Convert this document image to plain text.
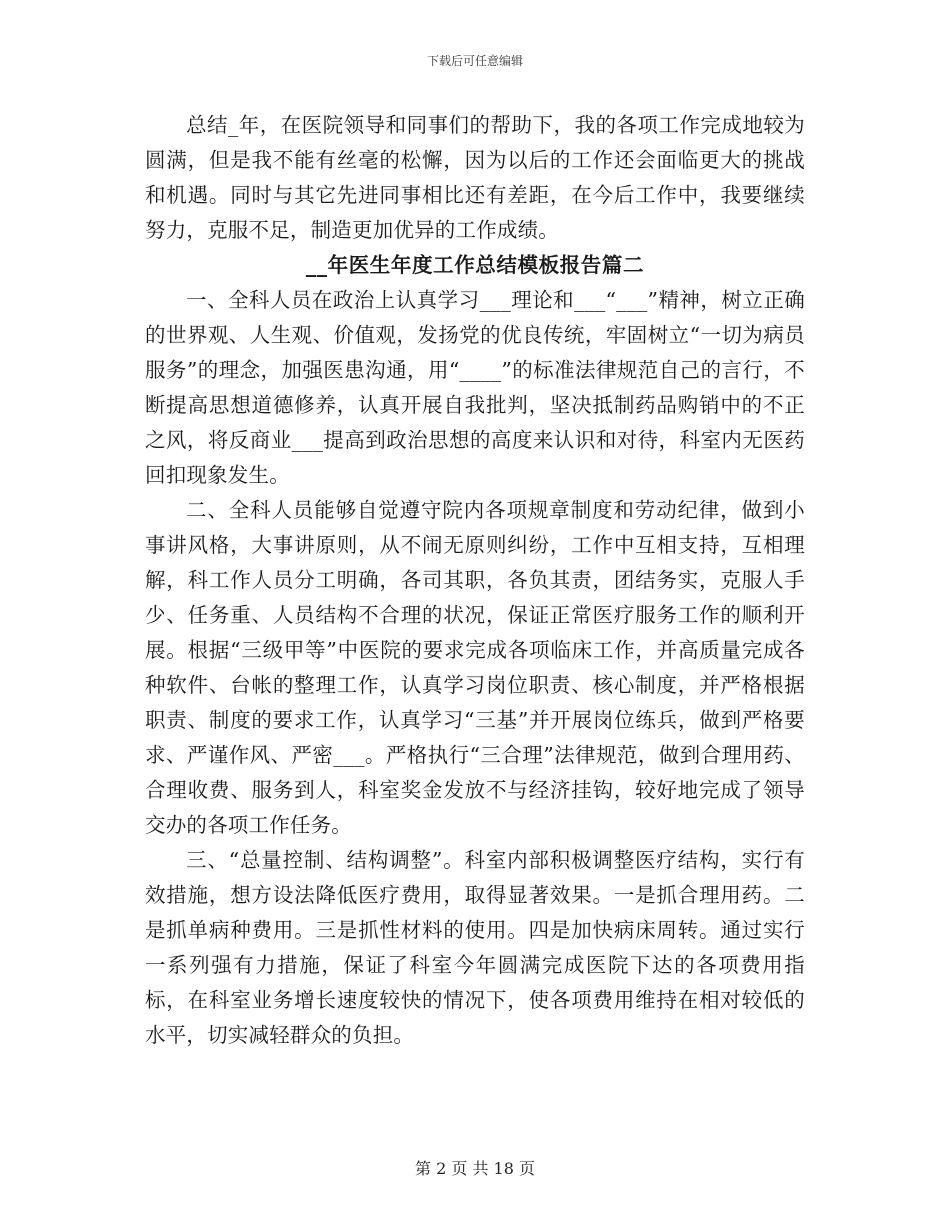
下载后可任意编辑

总结_年，在医院领导和同事们的帮助下，我的各项工作完成地较为圆满，但是我不能有丝毫的松懈，因为以后的工作还会面临更大的挑战和机遇。同时与其它先进同事相比还有差距，在今后工作中，我要继续努力，克服不足，制造更加优异的工作成绩。

__年医生年度工作总结模板报告篇二

一、全科人员在政治上认真学习___理论和___“___”精神，树立正确的世界观、人生观、价值观，发扬党的优良传统，牢固树立“一切为病员服务”的理念，加强医患沟通，用“____”的标准法律规范自己的言行，不断提高思想道德修养，认真开展自我批判，坚决抵制药品购销中的不正之风，将反商业___提高到政治思想的高度来认识和对待，科室内无医药回扣现象发生。

二、全科人员能够自觉遵守院内各项规章制度和劳动纪律，做到小事讲风格，大事讲原则，从不闹无原则纠纷，工作中互相支持，互相理解，科工作人员分工明确，各司其职，各负其责，团结务实，克服人手少、任务重、人员结构不合理的状况，保证正常医疗服务工作的顺利开展。根据“三级甲等”中医院的要求完成各项临床工作，并高质量完成各种软件、台帐的整理工作，认真学习岗位职责、核心制度，并严格根据职责、制度的要求工作，认真学习“三基”并开展岗位练兵，做到严格要求、严谨作风、严密___。严格执行“三合理”法律规范，做到合理用药、合理收费、服务到人，科室奖金发放不与经济挂钩，较好地完成了领导交办的各项工作任务。

三、“总量控制、结构调整”。科室内部积极调整医疗结构，实行有效措施，想方设法降低医疗费用，取得显著效果。一是抓合理用药。二是抓单病种费用。三是抓性材料的使用。四是加快病床周转。通过实行一系列强有力措施，保证了科室今年圆满完成医院下达的各项费用指标，在科室业务增长速度较快的情况下，使各项费用维持在相对较低的水平，切实减轻群众的负担。

第 2 页 共 18 页
